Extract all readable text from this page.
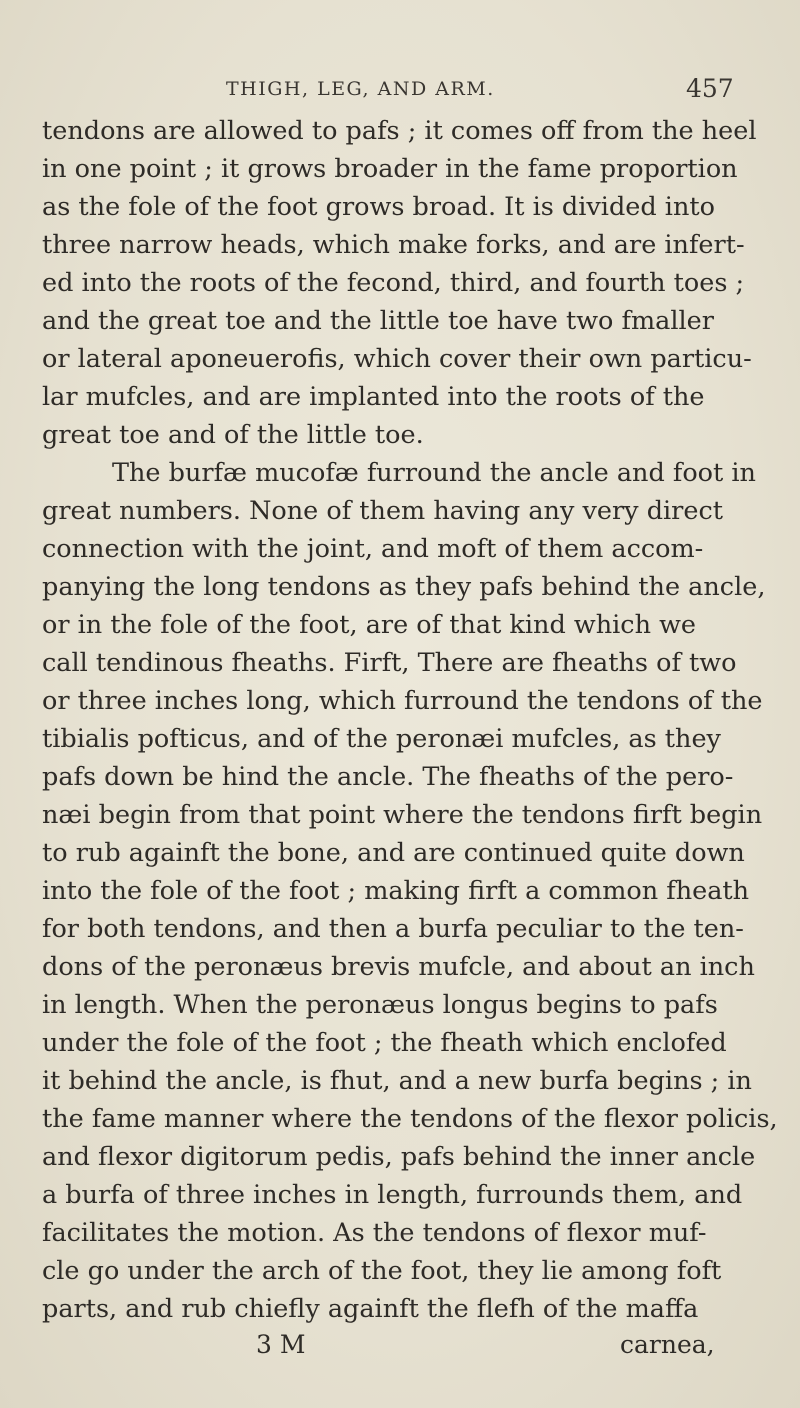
THIGH, LEG, AND ARM.	457
tendons are allowed to pafs ; it comes off from the heel
in one point ; it grows broader in the fame proportion
as the fole of the foot grows broad. It is divided into
three narrow heads, which make forks, and are infert-
ed into the roots of the fecond, third, and fourth toes ;
and the great toe and the little toe have two fmaller
or lateral aponeuerofis, which cover their own particu-
lar mufcles, and are implanted into the roots of the
great toe and of the little toe.
The burfæ mucofæ furround the ancle and foot in
great numbers. None of them having any very direct
connection with the joint, and moft of them accom-
panying the long tendons as they pafs behind the ancle,
or in the fole of the foot, are of that kind which we
call tendinous fheaths. Firft, There are fheaths of two
or three inches long, which furround the tendons of the
tibialis pofticus, and of the peronæi mufcles, as they
pafs down be hind the ancle. The fheaths of the pero-
næi begin from that point where the tendons firft begin
to rub againft the bone, and are continued quite down
into the fole of the foot ; making firft a common fheath
for both tendons, and then a burfa peculiar to the ten-
dons of the peronæus brevis mufcle, and about an inch
in length. When the peronæus longus begins to pafs
under the fole of the foot ; the fheath which enclofed
it behind the ancle, is fhut, and a new burfa begins ; in
the fame manner where the tendons of the flexor policis,
and flexor digitorum pedis, pafs behind the inner ancle
a burfa of three inches in length, furrounds them, and
facilitates the motion. As the tendons of flexor muf-
cle go under the arch of the foot, they lie among foft
parts, and rub chiefly againft the flefh of the maffa
3 M	carnea,
